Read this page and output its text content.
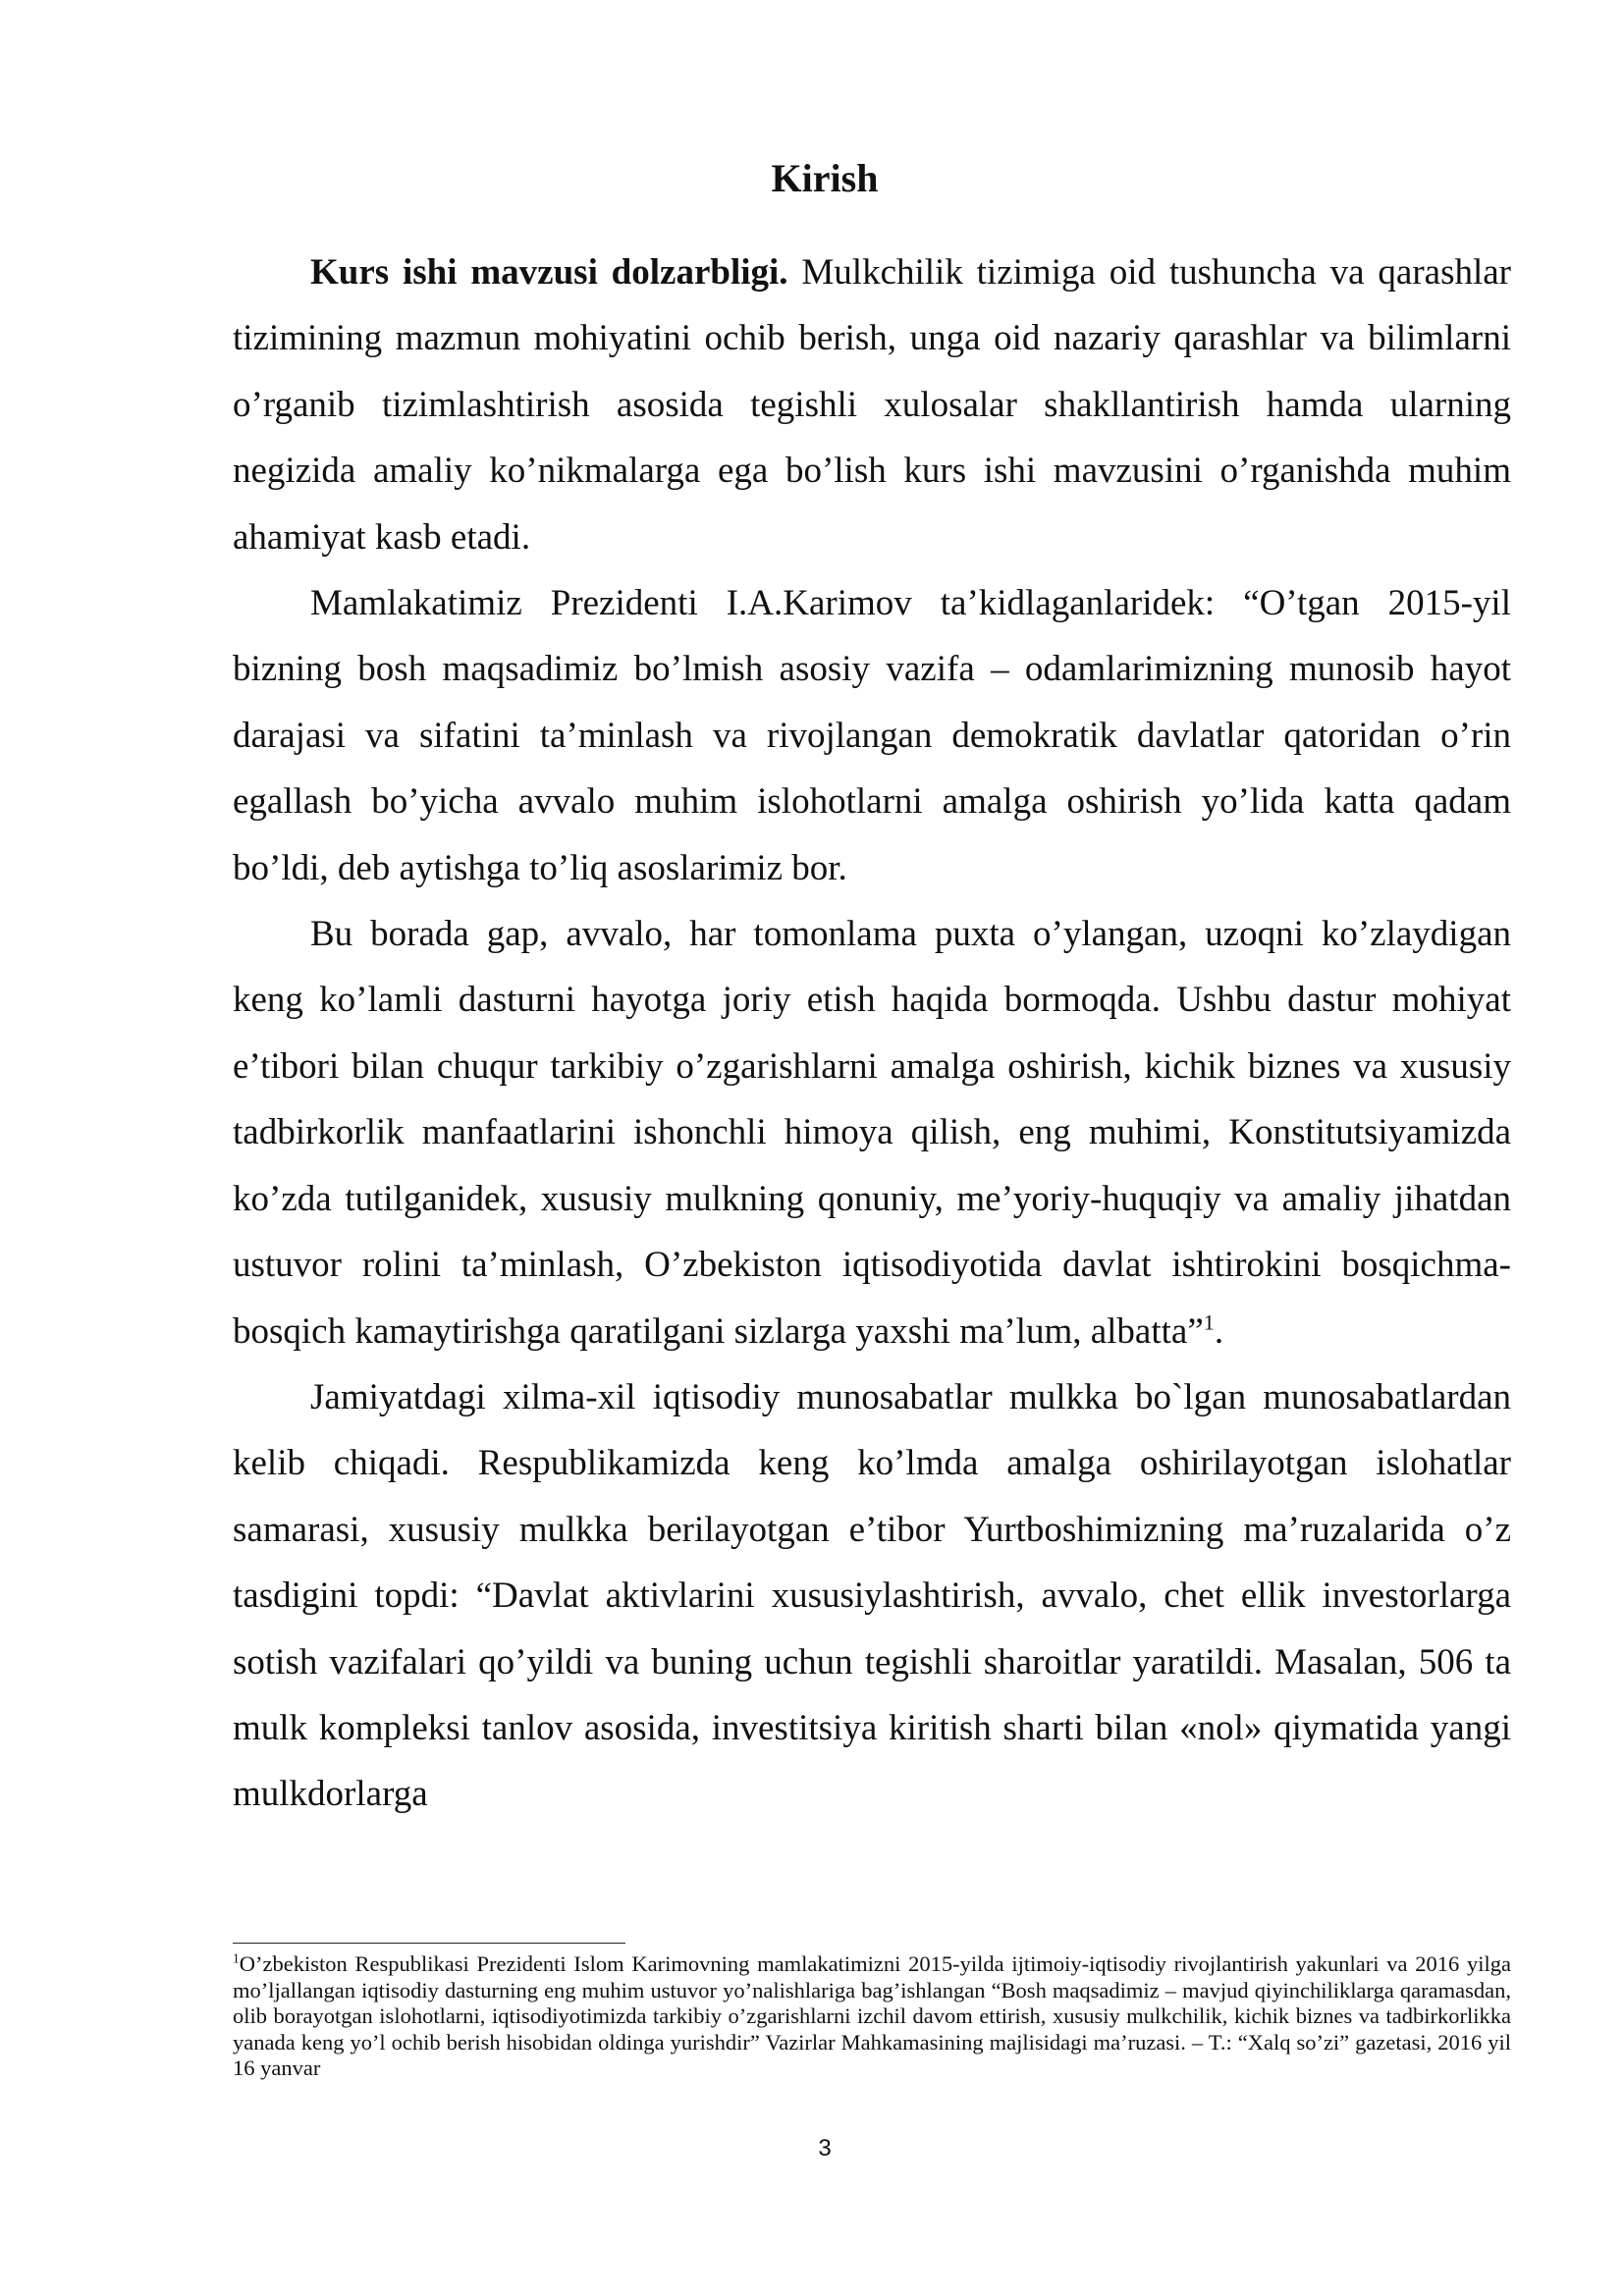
Kirish

Kurs ishi mavzusi dolzarbligi. Mulkchilik tizimiga oid tushuncha va qarashlar tizimining mazmun mohiyatini ochib berish, unga oid nazariy qarashlar va bilimlarni o’rganib tizimlashtirish asosida tegishli xulosalar shakllantirish hamda ularning negizida amaliy ko’nikmalarga ega bo’lish kurs ishi mavzusini o’rganishda muhim ahamiyat kasb etadi.

Mamlakatimiz Prezidenti I.A.Karimov ta’kidlaganlaridek: “O’tgan 2015-yil bizning bosh maqsadimiz bo’lmish asosiy vazifa – odamlarimizning munosib hayot darajasi va sifatini ta’minlash va rivojlangan demokratik davlatlar qatoridan o’rin egallash bo’yicha avvalo muhim islohotlarni amalga oshirish yo’lida katta qadam bo’ldi, deb aytishga to’liq asoslarimiz bor.

Bu borada gap, avvalo, har tomonlama puxta o’ylangan, uzoqni ko’zlaydigan keng ko’lamli dasturni hayotga joriy etish haqida bormoqda. Ushbu dastur mohiyat e’tibori bilan chuqur tarkibiy o’zgarishlarni amalga oshirish, kichik biznes va xususiy tadbirkorlik manfaatlarini ishonchli himoya qilish, eng muhimi, Konstitutsiyamizda ko’zda tutilganidek, xususiy mulkning qonuniy, me’yoriy-huquqiy va amaliy jihatdan ustuvor rolini ta’minlash, O’zbekiston iqtisodiyotida davlat ishtirokini bosqichma-bosqich kamaytirishga qaratilgani sizlarga yaxshi ma’lum, albatta”$^1$.

Jamiyatdagi xilma-xil iqtisodiy munosabatlar mulkka bo`lgan munosabatlardan kelib chiqadi. Respublikamizda keng ko’lmda amalga oshirilayotgan islohatlar samarasi, xususiy mulkka berilayotgan e’tibor Yurtboshimizning ma’ruzalarida o’z tasdigini topdi: “Davlat aktivlarini xususiylashtirish, avvalo, chet ellik investorlarga sotish vazifalari qo’yildi va buning uchun tegishli sharoitlar yaratildi. Masalan, 506 ta mulk kompleksi tanlov asosida, investitsiya kiritish sharti bilan «nol» qiymatida yangi mulkdorlarga

$^1$O’zbekiston Respublikasi Prezidenti Islom Karimovning mamlakatimizni 2015-yilda ijtimoiy-iqtisodiy rivojlantirish yakunlari va 2016 yilga mo’ljallangan iqtisodiy dasturning eng muhim ustuvor yo’nalishlariga bag’ishlangan “Bosh maqsadimiz – mavjud qiyinchiliklarga qaramasdan, olib borayotgan islohotlarni, iqtisodiyotimizda tarkibiy o’zgarishlarni izchil davom ettirish, xususiy mulkchilik, kichik biznes va tadbirkorlikka yanada keng yo’l ochib berish hisobidan oldinga yurishdir” Vazirlar Mahkamasining majlisidagi ma’ruzasi. – T.: “Xalq so’zi” gazetasi, 2016 yil 16 yanvar
3
